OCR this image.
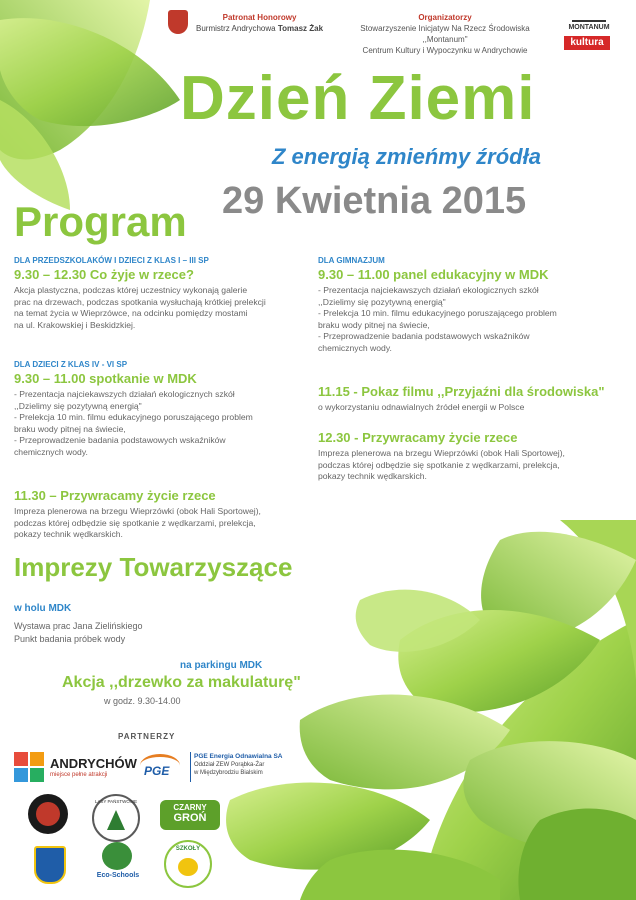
Patronat Honorowy
Burmistrz Andrychowa Tomasz Żak
Organizatorzy
Stowarzyszenie Inicjatyw Na Rzecz Środowiska ,,Montanum"
Centrum Kultury i Wypoczynku w Andrychowie
MONTANUM
kultura
Dzień Ziemi
Z energią zmieńmy źródła
29 Kwietnia 2015
Program
DLA PRZEDSZKOLAKÓW I DZIECI Z KLAS I – III SP
9.30 – 12.30 Co żyje w rzece?
Akcja plastyczna, podczas której uczestnicy wykonają galerie
prac na drzewach, podczas spotkania wysłuchają krótkiej prelekcji
na temat życia w Wieprzówce, na odcinku pomiędzy mostami
na ul. Krakowskiej i Beskidzkiej.
DLA DZIECI Z KLAS IV - VI SP
9.30 – 11.00 spotkanie w MDK
- Prezentacja najciekawszych działań ekologicznych szkół
,,Dzielimy się pozytywną energią"
- Prelekcja 10 min. filmu edukacyjnego poruszającego problem
braku wody pitnej na świecie,
- Przeprowadzenie badania podstawowych wskaźników
chemicznych wody.
11.30 – Przywracamy życie rzece
Impreza plenerowa na brzegu Wieprzówki (obok Hali Sportowej),
podczas której odbędzie się spotkanie z wędkarzami, prelekcja,
pokazy technik wędkarskich.
DLA GIMNAZJUM
9.30 – 11.00 panel edukacyjny w MDK
- Prezentacja najciekawszych działań ekologicznych szkół
,,Dzielimy się pozytywną energią"
- Prelekcja 10 min. filmu edukacyjnego poruszającego problem
braku wody pitnej na świecie,
- Przeprowadzenie badania podstawowych wskaźników
chemicznych wody.
11.15 - Pokaz filmu ,,Przyjaźni dla środowiska"
o wykorzystaniu odnawialnych źródeł energii w Polsce
12.30 - Przywracamy życie rzece
Impreza plenerowa na brzegu Wieprzówki (obok Hali Sportowej),
podczas której odbędzie się spotkanie z wędkarzami, prelekcja,
pokazy technik wędkarskich.
Imprezy Towarzyszące
w holu MDK
Wystawa prac Jana Zielińskiego
Punkt badania próbek wody
na parkingu MDK
Akcja ,,drzewko za makulaturę"
w godz. 9.30-14.00
PARTNERZY
ANDRYCHÓW
miejsce pełne atrakcji	PGE
PGE Energia Odnawialna SA
Oddział ZEW Porąbka-Żar
w Międzybrodziu Bialskim
LASY PAŃSTWOWE
CZARNY
GROŃ
Eco-Schools
SZKOŁY
